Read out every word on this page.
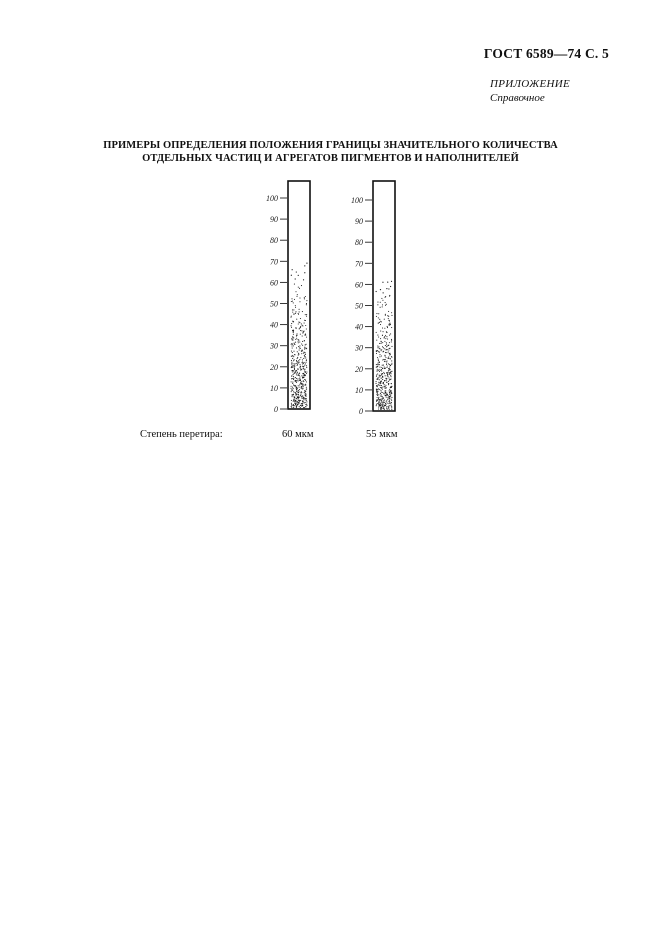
ГОСТ 6589—74 С. 5
ПРИЛОЖЕНИЕ
Справочное
ПРИМЕРЫ ОПРЕДЕЛЕНИЯ ПОЛОЖЕНИЯ ГРАНИЦЫ ЗНАЧИТЕЛЬНОГО КОЛИЧЕСТВА
ОТДЕЛЬНЫХ ЧАСТИЦ И АГРЕГАТОВ ПИГМЕНТОВ И НАПОЛНИТЕЛЕЙ
0
10
20
30
40
50
60
70
80
90
100
0
10
20
30
40
50
60
70
80
90
100
Степень перетира:	60 мкм	55 мкм
